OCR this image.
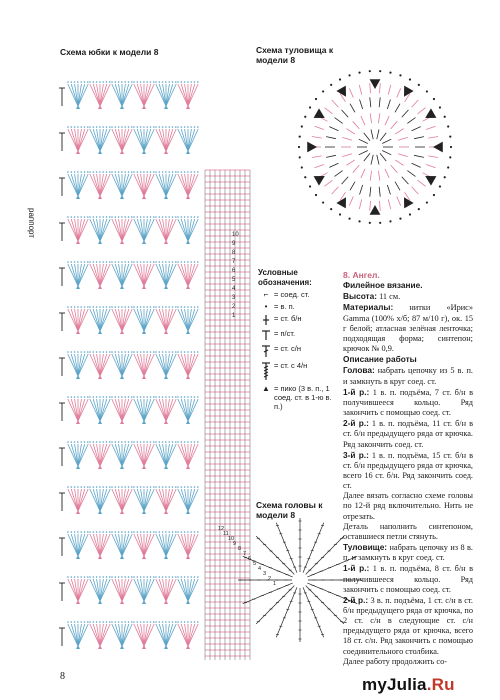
10
9
8
7
6
5
4
3
2
1
12
11
10
9
8
7
6
5
4
3
2
1
Схема юбки к модели 8	Схема туловища к модели 8
Схема головы к модели 8
раппорт
Условные обозначения:
⌐ = соед. ст.
• = в. п.
= ст. б/н
= п/ст.
= ст. с/н
= ст. с 4/н
▲ = пико (3 в. п., 1 соед. ст. в 1-ю в. п.)

8. Ангел.

Филейное вязание.

Высота: 11 см.

Материалы: нитки «Ирис» Gamma (100% х/б; 87 м/10 г), ок. 15 г белой; атласная зелёная ленточка; подходящая форма; синтепон; крючок № 0,9.

Описание работы

Голова: набрать цепочку из 5 в. п. и замкнуть в круг соед. ст.

1-й р.: 1 в. п. подъёма, 7 ст. б/н в получившееся кольцо. Ряд закончить с помощью соед. ст.

2-й р.: 1 в. п. подъёма, 11 ст. б/н в ст. б/н предыдущего ряда от крючка. Ряд закончить соед. ст.

3-й р.: 1 в. п. подъёма, 15 ст. б/н в ст. б/н предыдущего ряда от крючка, всего 16 ст. б/н. Ряд закончить соед. ст.

Далее вязать согласно схеме головы по 12-й ряд включительно. Нить не отрезать.

Деталь наполнить синтепоном, оставшиеся петли стянуть.

Туловище: набрать цепочку из 8 в. п. и замкнуть в круг соед. ст.

1-й р.: 1 в. п. подъёма, 8 ст. б/н в получившееся кольцо. Ряд закончить с помощью соед. ст.

2-й р.: 3 в. п. подъёма, 1 ст. с/н в ст. б/н предыдущего ряда от крючка, по 2 ст. с/н в следующие ст. с/н предыдущего ряда от крючка, всего 18 ст. с/н. Ряд закончить с помощью соединительного столбика.

Далее работу продолжить со-

8	myJulia.Ru
